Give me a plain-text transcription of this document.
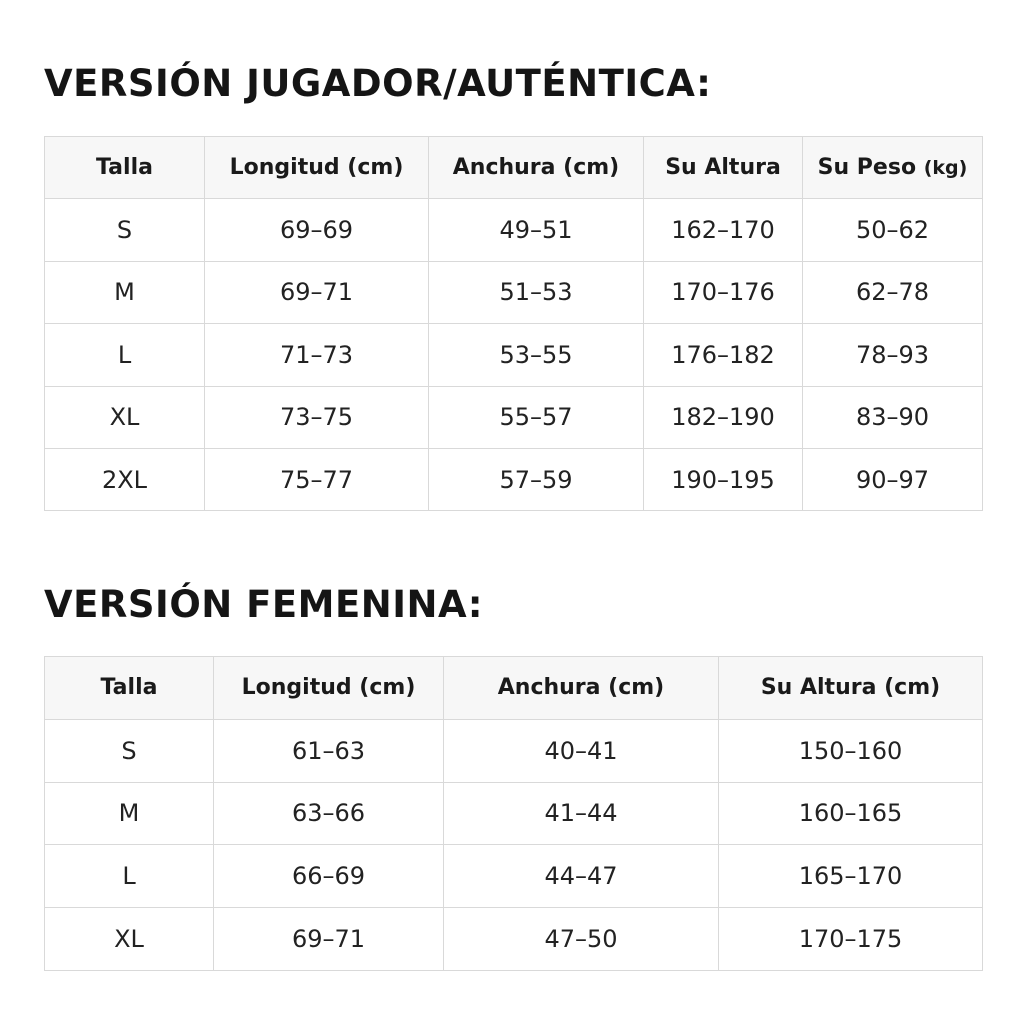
VERSIÓN JUGADOR/AUTÉNTICA:
Talla	Longitud (cm)	Anchura (cm)	Su Altura	Su Peso (kg)
S	69–69	49–51	162–170	50–62
M	69–71	51–53	170–176	62–78
L	71–73	53–55	176–182	78–93
XL	73–75	55–57	182–190	83–90
2XL	75–77	57–59	190–195	90–97
VERSIÓN FEMENINA:
Talla	Longitud (cm)	Anchura (cm)	Su Altura (cm)
S	61–63	40–41	150–160
M	63–66	41–44	160–165
L	66–69	44–47	165–170
XL	69–71	47–50	170–175
